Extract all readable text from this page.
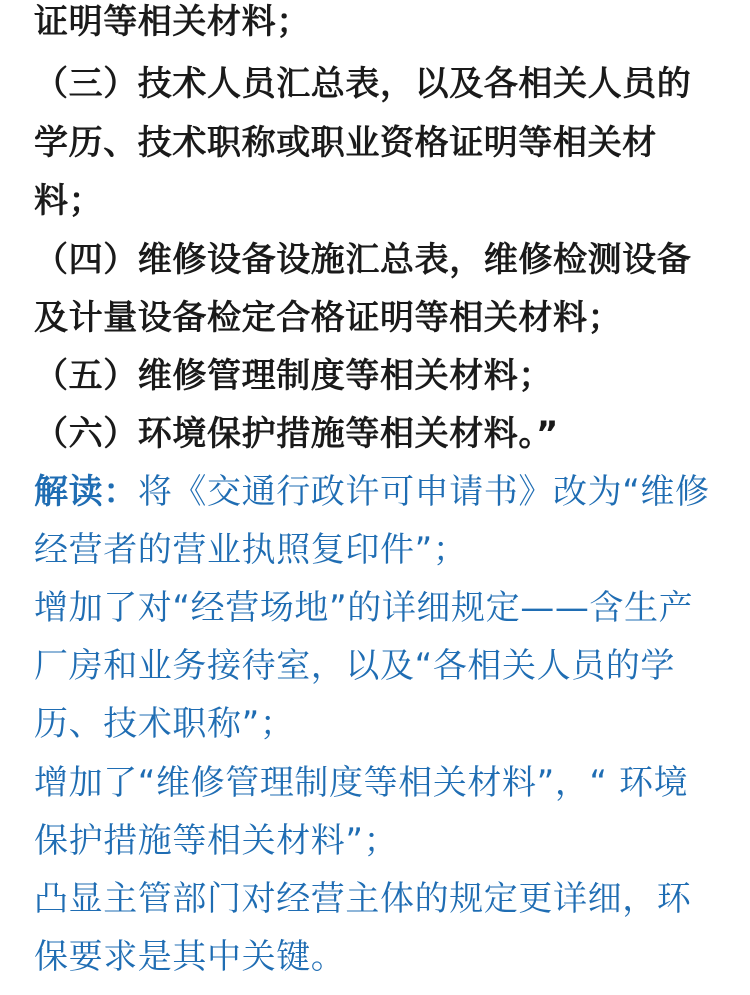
证明等相关材料；
（三）技术人员汇总表，以及各相关人员的
学历、技术职称或职业资格证明等相关材
料；
（四）维修设备设施汇总表，维修检测设备
及计量设备检定合格证明等相关材料；
（五）维修管理制度等相关材料；
（六）环境保护措施等相关材料。”
解读：将《交通行政许可申请书》改为“维修
经营者的营业执照复印件”；
增加了对“经营场地”的详细规定——含生产
厂房和业务接待室，以及“各相关人员的学
历、技术职称”；
增加了“维修管理制度等相关材料”，“ 环境
保护措施等相关材料”；
凸显主管部门对经营主体的规定更详细，环
保要求是其中关键。
